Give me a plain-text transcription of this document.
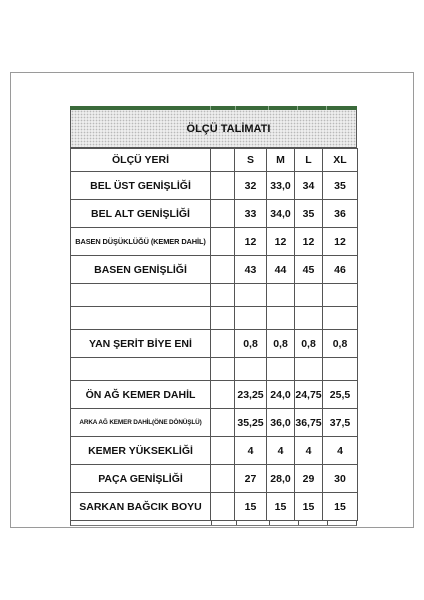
ÖLÇÜ TALİMATI
ÖLÇÜ YERİ		S	M	L	XL
BEL ÜST GENİŞLİĞİ		32	33,0	34	35
BEL ALT GENİŞLİĞİ		33	34,0	35	36
BASEN DÜŞÜKLÜĞÜ (KEMER DAHİL)		12	12	12	12
BASEN GENİŞLİĞİ		43	44	45	46

YAN ŞERİT BİYE ENİ		0,8	0,8	0,8	0,8

ÖN AĞ KEMER DAHİL		23,25	24,0	24,75	25,5
ARKA AĞ KEMER DAHİL(ÖNE DÖNÜŞLÜ)		35,25	36,0	36,75	37,5
KEMER YÜKSEKLİĞİ		4	4	4	4
PAÇA GENİŞLİĞİ		27	28,0	29	30
SARKAN BAĞCIK BOYU		15	15	15	15
